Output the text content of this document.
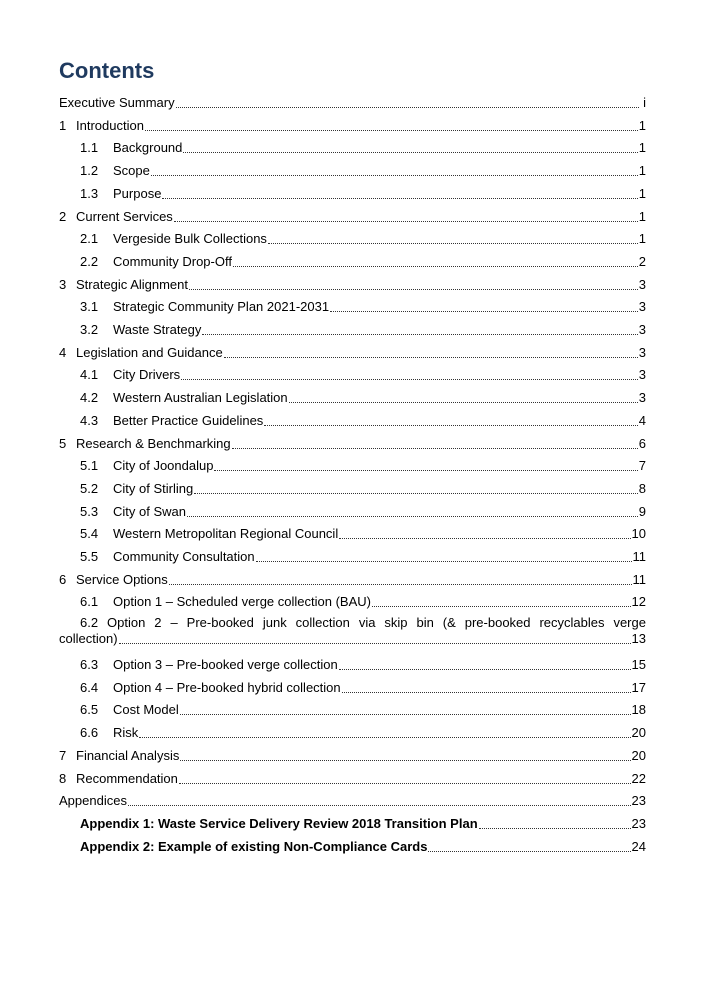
Contents
Executive Summary	i
1 Introduction	1
1.1	Background	1
1.2	Scope	1
1.3	Purpose	1
2 Current Services	1
2.1	Vergeside Bulk Collections	1
2.2	Community Drop-Off	2
3 Strategic Alignment	3
3.1	Strategic Community Plan 2021-2031	3
3.2	Waste Strategy	3
4 Legislation and Guidance	3
4.1	City Drivers	3
4.2	Western Australian Legislation	3
4.3	Better Practice Guidelines	4
5 Research & Benchmarking	6
5.1	City of Joondalup	7
5.2	City of Stirling	8
5.3	City of Swan	9
5.4	Western Metropolitan Regional Council	10
5.5	Community Consultation	11
6 Service Options	11
6.1	Option 1 – Scheduled verge collection (BAU)	12
6.2 Option 2 – Pre-booked junk collection via skip bin (& pre-booked recyclables verge
collection)	13
6.3	Option 3 – Pre-booked verge collection	15
6.4	Option 4 – Pre-booked hybrid collection	17
6.5	Cost Model	18
6.6	Risk	20
7 Financial Analysis	20
8 Recommendation	22
Appendices	23
Appendix 1: Waste Service Delivery Review 2018 Transition Plan	23
Appendix 2: Example of existing Non-Compliance Cards	24
